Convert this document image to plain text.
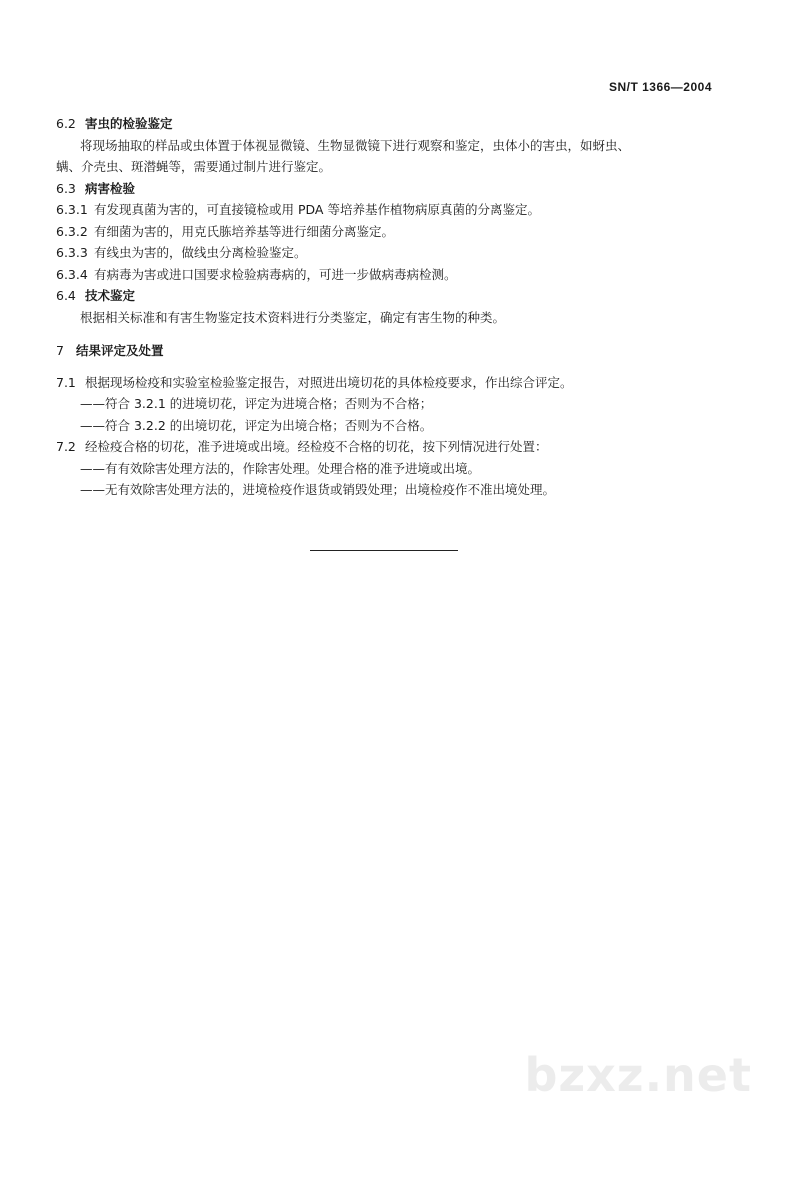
SN/T 1366—2004
6.2 害虫的检验鉴定
将现场抽取的样品或虫体置于体视显微镜、生物显微镜下进行观察和鉴定，虫体小的害虫，如蚜虫、
螨、介壳虫、斑潜蝇等，需要通过制片进行鉴定。
6.3 病害检验
6.3.1 有发现真菌为害的，可直接镜检或用 PDA 等培养基作植物病原真菌的分离鉴定。
6.3.2 有细菌为害的，用克氏胨培养基等进行细菌分离鉴定。
6.3.3 有线虫为害的，做线虫分离检验鉴定。
6.3.4 有病毒为害或进口国要求检验病毒病的，可进一步做病毒病检测。
6.4 技术鉴定
根据相关标准和有害生物鉴定技术资料进行分类鉴定，确定有害生物的种类。
7 结果评定及处置
7.1 根据现场检疫和实验室检验鉴定报告，对照进出境切花的具体检疫要求，作出综合评定。
——符合 3.2.1 的进境切花，评定为进境合格；否则为不合格；
——符合 3.2.2 的出境切花，评定为出境合格；否则为不合格。
7.2 经检疫合格的切花，准予进境或出境。经检疫不合格的切花，按下列情况进行处置：
——有有效除害处理方法的，作除害处理。处理合格的准予进境或出境。
——无有效除害处理方法的，进境检疫作退货或销毁处理；出境检疫作不准出境处理。
bzxz.net
